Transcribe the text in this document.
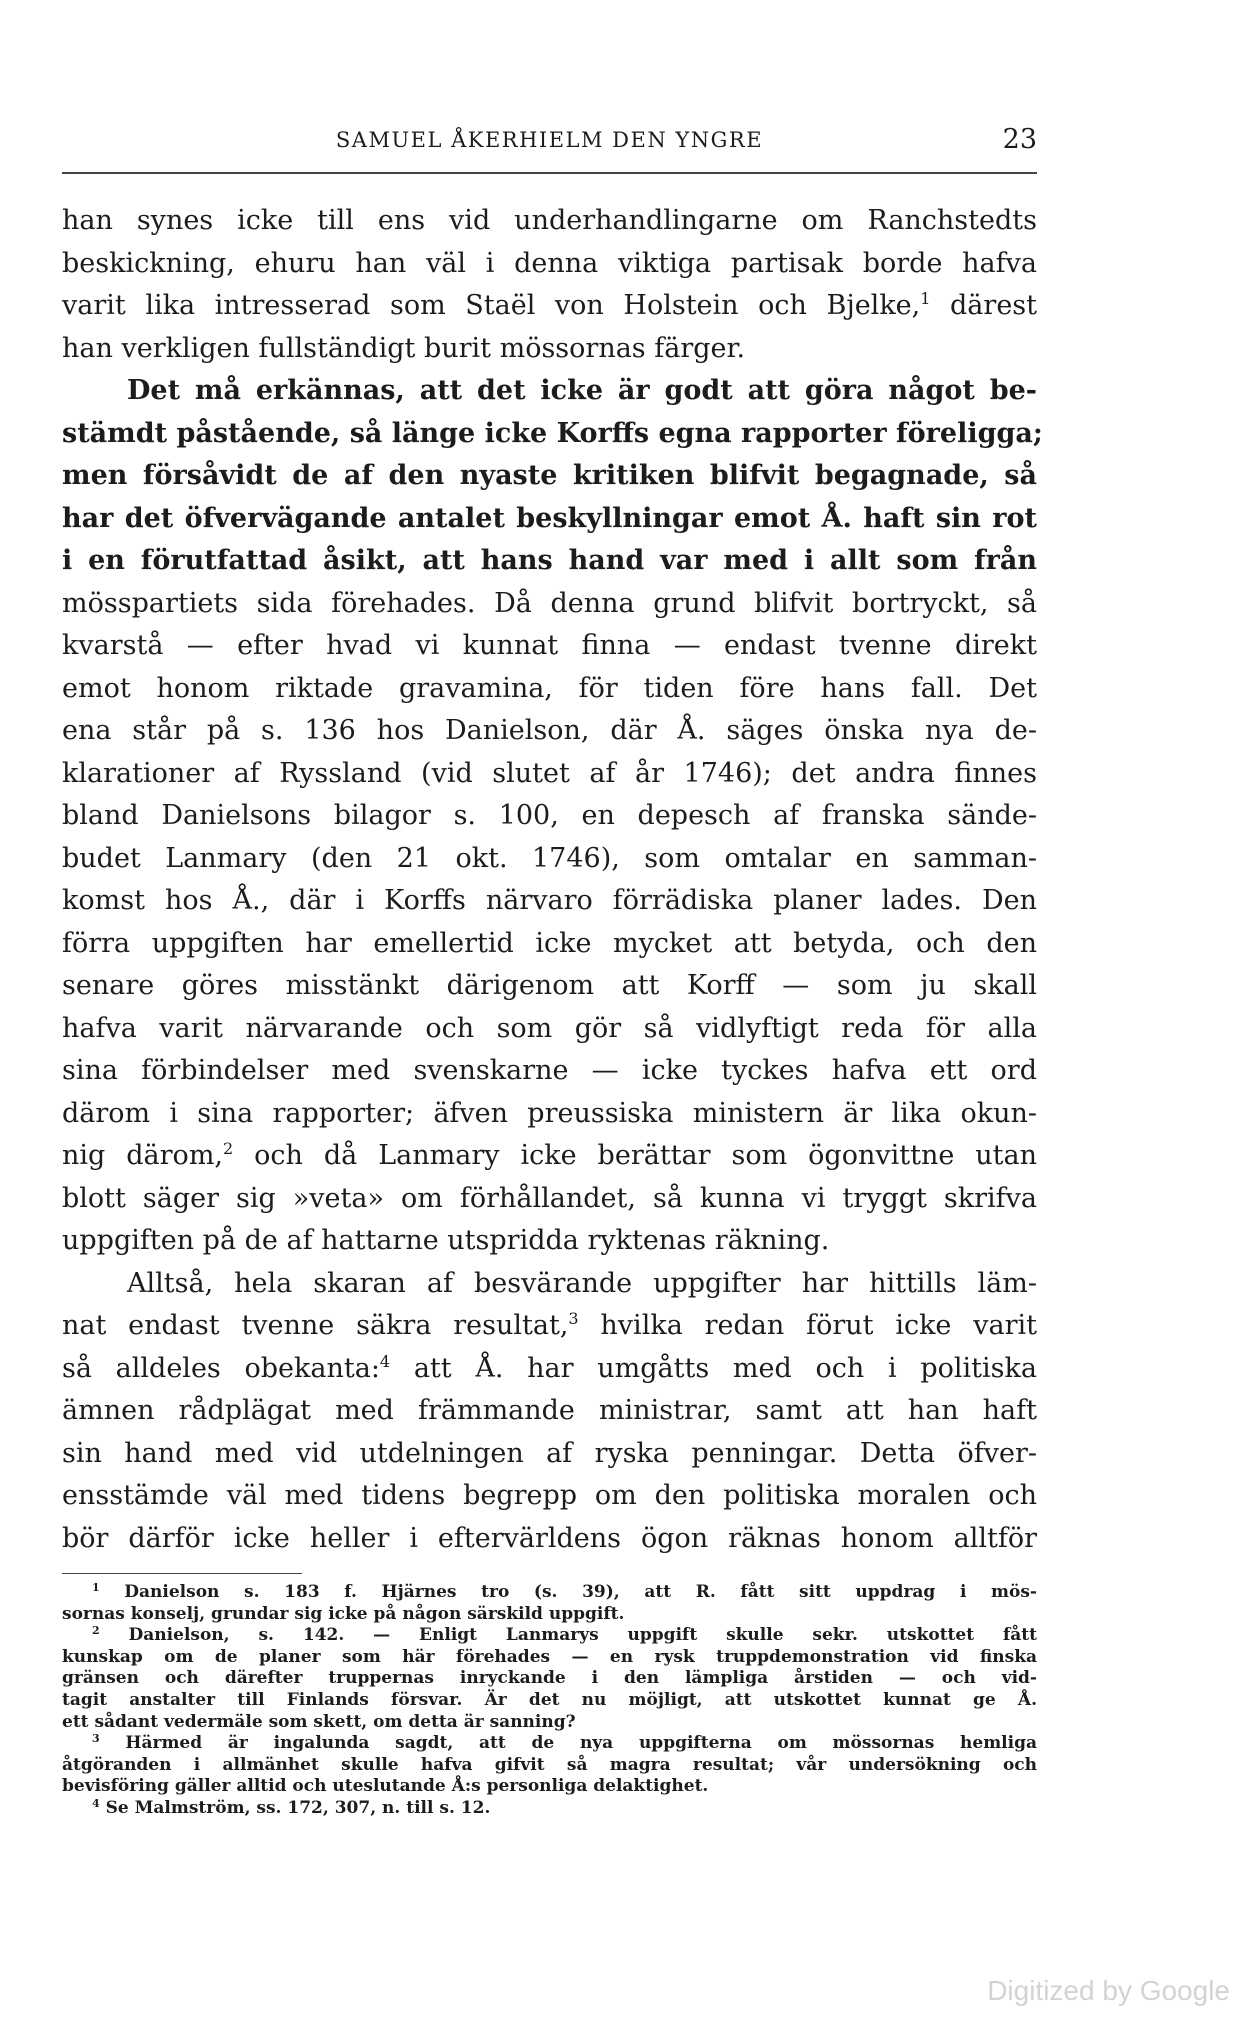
SAMUEL ÅKERHIELM DEN YNGRE	23
han synes icke till ens vid underhandlingarne om Ranchstedts
beskickning, ehuru han väl i denna viktiga partisak borde hafva
varit lika intresserad som Staël von Holstein och Bjelke,$^1$ därest
han verkligen fullständigt burit mössornas färger.
Det må erkännas, att det icke är godt att göra något be-
stämdt påstående, så länge icke Korffs egna rapporter föreligga;
men försåvidt de af den nyaste kritiken blifvit begagnade, så
har det öfvervägande antalet beskyllningar emot Å. haft sin rot
i en förutfattad åsikt, att hans hand var med i allt som från
mösspartiets sida förehades. Då denna grund blifvit bortryckt, så
kvarstå — efter hvad vi kunnat finna — endast tvenne direkt
emot honom riktade gravamina, för tiden före hans fall. Det
ena står på s. 136 hos Danielson, där Å. säges önska nya de-
klarationer af Ryssland (vid slutet af år 1746); det andra finnes
bland Danielsons bilagor s. 100, en depesch af franska sände-
budet Lanmary (den 21 okt. 1746), som omtalar en samman-
komst hos Å., där i Korffs närvaro förrädiska planer lades. Den
förra uppgiften har emellertid icke mycket att betyda, och den
senare göres misstänkt därigenom att Korff — som ju skall
hafva varit närvarande och som gör så vidlyftigt reda för alla
sina förbindelser med svenskarne — icke tyckes hafva ett ord
därom i sina rapporter; äfven preussiska ministern är lika okun-
nig därom,$^2$ och då Lanmary icke berättar som ögonvittne utan
blott säger sig »veta» om förhållandet, så kunna vi tryggt skrifva
uppgiften på de af hattarne utspridda ryktenas räkning.
Alltså, hela skaran af besvärande uppgifter har hittills läm-
nat endast tvenne säkra resultat,$^3$ hvilka redan förut icke varit
så alldeles obekanta:$^4$ att Å. har umgåtts med och i politiska
ämnen rådplägat med främmande ministrar, samt att han haft
sin hand med vid utdelningen af ryska penningar. Detta öfver-
ensstämde väl med tidens begrepp om den politiska moralen och
bör därför icke heller i eftervärldens ögon räknas honom alltför
$^1$ Danielson s. 183 f. Hjärnes tro (s. 39), att R. fått sitt uppdrag i mös-
sornas konselj, grundar sig icke på någon särskild uppgift.
$^2$ Danielson, s. 142. — Enligt Lanmarys uppgift skulle sekr. utskottet fått
kunskap om de planer som här förehades — en rysk truppdemonstration vid finska
gränsen och därefter truppernas inryckande i den lämpliga årstiden — och vid-
tagit anstalter till Finlands försvar. Är det nu möjligt, att utskottet kunnat ge Å.
ett sådant vedermäle som skett, om detta är sanning?
$^3$ Härmed är ingalunda sagdt, att de nya uppgifterna om mössornas hemliga
åtgöranden i allmänhet skulle hafva gifvit så magra resultat; vår undersökning och
bevisföring gäller alltid och uteslutande Å:s personliga delaktighet.
$^4$ Se Malmström, ss. 172, 307, n. till s. 12.
Digitized by Google
